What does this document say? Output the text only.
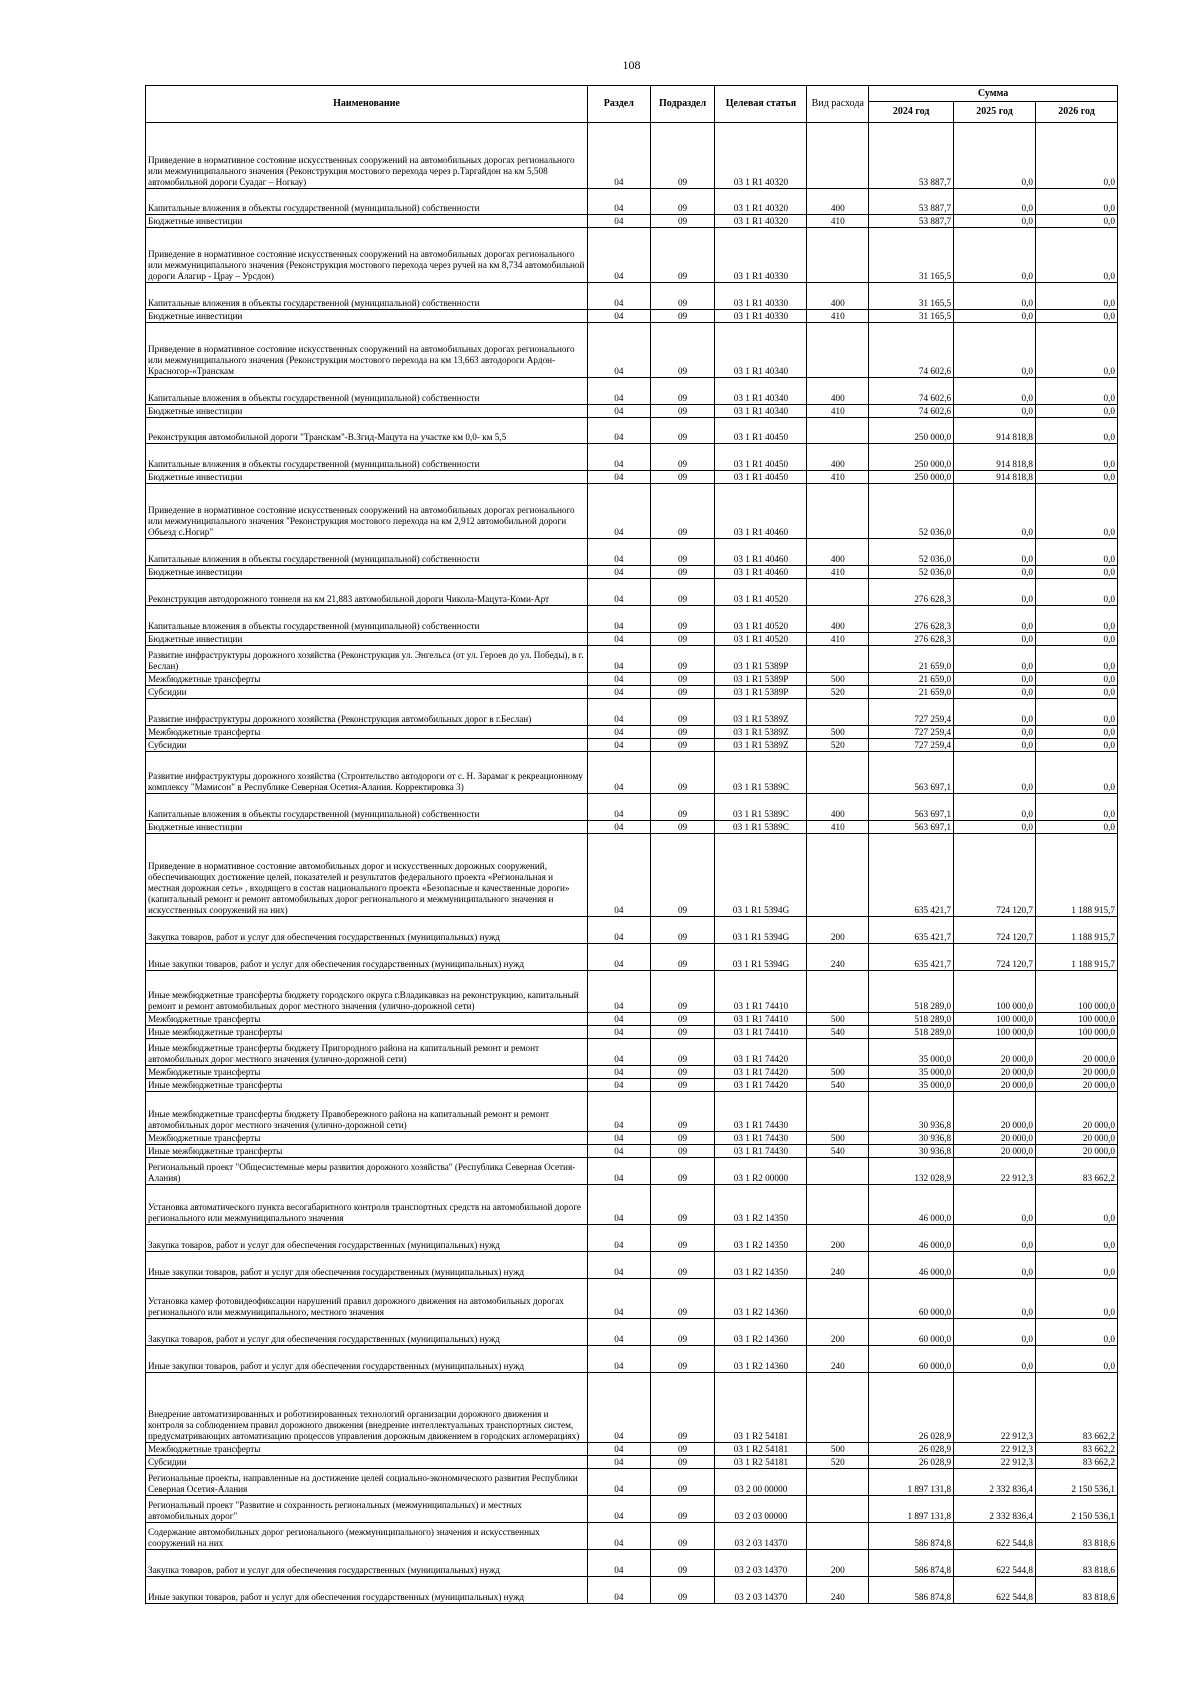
108
Наименование	Раздел	Подраздел	Целевая статья	Вид расхода	Сумма		
					2024 год	2025 год	2026 год
Приведение в нормативное состояние искусственных сооружений на автомобильных дорогах регионального или межмуниципального значения (Реконструкция мостового перехода через р.Таргайдон на км 5,508 автомобильной дороги Суадаг – Ногкау)	04	09	03 1 R1 40320		53 887,7	0,0	0,0
Капитальные вложения в объекты государственной (муниципальной) собственности	04	09	03 1 R1 40320	400	53 887,7	0,0	0,0
Бюджетные инвестиции	04	09	03 1 R1 40320	410	53 887,7	0,0	0,0
Приведение в нормативное состояние искусственных сооружений на автомобильных дорогах регионального или межмуниципального значения (Реконструкция мостового перехода через ручей на км 8,734 автомобильной дороги Алагир - Црау – Урсдон)	04	09	03 1 R1 40330		31 165,5	0,0	0,0
Капитальные вложения в объекты государственной (муниципальной) собственности	04	09	03 1 R1 40330	400	31 165,5	0,0	0,0
Бюджетные инвестиции	04	09	03 1 R1 40330	410	31 165,5	0,0	0,0
Приведение в нормативное состояние искусственных сооружений на автомобильных дорогах регионального или межмуниципального значения (Реконструкция мостового перехода на км 13,663 автодороги Ардон-Красногор-«Транскам	04	09	03 1 R1 40340		74 602,6	0,0	0,0
Капитальные вложения в объекты государственной (муниципальной) собственности	04	09	03 1 R1 40340	400	74 602,6	0,0	0,0
Бюджетные инвестиции	04	09	03 1 R1 40340	410	74 602,6	0,0	0,0
Реконструкция автомобильной дороги "Транскам"-В.Згид-Мацута на участке км 0,0- км 5,5	04	09	03 1 R1 40450		250 000,0	914 818,8	0,0
Капитальные вложения в объекты государственной (муниципальной) собственности	04	09	03 1 R1 40450	400	250 000,0	914 818,8	0,0
Бюджетные инвестиции	04	09	03 1 R1 40450	410	250 000,0	914 818,8	0,0
Приведение в нормативное состояние искусственных сооружений на автомобильных дорогах регионального или межмуниципального значения "Реконструкция мостового перехода на км 2,912 автомобильной дороги Объезд с.Ногир"	04	09	03 1 R1 40460		52 036,0	0,0	0,0
Капитальные вложения в объекты государственной (муниципальной) собственности	04	09	03 1 R1 40460	400	52 036,0	0,0	0,0
Бюджетные инвестиции	04	09	03 1 R1 40460	410	52 036,0	0,0	0,0
Реконструкция автодорожного тоннеля на км 21,883 автомобильной дороги Чикола-Мацута-Коми-Арт	04	09	03 1 R1 40520		276 628,3	0,0	0,0
Капитальные вложения в объекты государственной (муниципальной) собственности	04	09	03 1 R1 40520	400	276 628,3	0,0	0,0
Бюджетные инвестиции	04	09	03 1 R1 40520	410	276 628,3	0,0	0,0
Развитие инфраструктуры дорожного хозяйства (Реконструкция ул. Энгельса (от ул. Героев до ул. Победы), в г. Беслан)	04	09	03 1 R1 5389P		21 659,0	0,0	0,0
Межбюджетные трансферты	04	09	03 1 R1 5389P	500	21 659,0	0,0	0,0
Субсидии	04	09	03 1 R1 5389P	520	21 659,0	0,0	0,0
Развитие инфраструктуры дорожного хозяйства (Реконструкция автомобильных дорог в г.Беслан)	04	09	03 1 R1 5389Z		727 259,4	0,0	0,0
Межбюджетные трансферты	04	09	03 1 R1 5389Z	500	727 259,4	0,0	0,0
Субсидии	04	09	03 1 R1 5389Z	520	727 259,4	0,0	0,0
Развитие инфраструктуры дорожного хозяйства (Строительство автодороги от с. Н. Зарамаг к рекреационному комплексу "Мамисон" в Республике Северная Осетия-Алания. Корректировка 3)	04	09	03 1 R1 5389C		563 697,1	0,0	0,0
Капитальные вложения в объекты государственной (муниципальной) собственности	04	09	03 1 R1 5389C	400	563 697,1	0,0	0,0
Бюджетные инвестиции	04	09	03 1 R1 5389C	410	563 697,1	0,0	0,0
Приведение в нормативное состояние автомобильных дорог и искусственных дорожных сооружений, обеспечивающих достижение целей, показателей и результатов федерального проекта «Региональная и местная дорожная сеть» , входящего в состав национального проекта «Безопасные и качественные дороги» (капитальный ремонт и ремонт автомобильных дорог регионального и межмуниципального значения и искусственных сооружений на них)	04	09	03 1 R1 5394G		635 421,7	724 120,7	1 188 915,7
Закупка товаров, работ и услуг для обеспечения государственных (муниципальных) нужд	04	09	03 1 R1 5394G	200	635 421,7	724 120,7	1 188 915,7
Иные закупки товаров, работ и услуг для обеспечения государственных (муниципальных) нужд	04	09	03 1 R1 5394G	240	635 421,7	724 120,7	1 188 915,7
Иные межбюджетные трансферты бюджету городского округа г.Владикавказ на реконструкцию, капитальный ремонт и ремонт автомобильных дорог местного значения (улично-дорожной сети)	04	09	03 1 R1 74410		518 289,0	100 000,0	100 000,0
Межбюджетные трансферты	04	09	03 1 R1 74410	500	518 289,0	100 000,0	100 000,0
Иные межбюджетные трансферты	04	09	03 1 R1 74410	540	518 289,0	100 000,0	100 000,0
Иные межбюджетные трансферты бюджету Пригородного района на капитальный ремонт и ремонт автомобильных дорог местного значения (улично-дорожной сети)	04	09	03 1 R1 74420		35 000,0	20 000,0	20 000,0
Межбюджетные трансферты	04	09	03 1 R1 74420	500	35 000,0	20 000,0	20 000,0
Иные межбюджетные трансферты	04	09	03 1 R1 74420	540	35 000,0	20 000,0	20 000,0
Иные межбюджетные трансферты бюджету Правобережного района на капитальный ремонт и ремонт автомобильных дорог местного значения (улично-дорожной сети)	04	09	03 1 R1 74430		30 936,8	20 000,0	20 000,0
Межбюджетные трансферты	04	09	03 1 R1 74430	500	30 936,8	20 000,0	20 000,0
Иные межбюджетные трансферты	04	09	03 1 R1 74430	540	30 936,8	20 000,0	20 000,0
Региональный проект "Общесистемные меры развития дорожного хозяйства" (Республика Северная Осетия-Алания)	04	09	03 1 R2 00000		132 028,9	22 912,3	83 662,2
Установка автоматического пункта весогабаритного контроля транспортных средств на автомобильной дороге регионального или межмуниципального значения	04	09	03 1 R2 14350		46 000,0	0,0	0,0
Закупка товаров, работ и услуг для обеспечения государственных (муниципальных) нужд	04	09	03 1 R2 14350	200	46 000,0	0,0	0,0
Иные закупки товаров, работ и услуг для обеспечения государственных (муниципальных) нужд	04	09	03 1 R2 14350	240	46 000,0	0,0	0,0
Установка камер фотовидеофиксации нарушений правил дорожного движения на автомобильных дорогах регионального или межмуниципального, местного значения	04	09	03 1 R2 14360		60 000,0	0,0	0,0
Закупка товаров, работ и услуг для обеспечения государственных (муниципальных) нужд	04	09	03 1 R2 14360	200	60 000,0	0,0	0,0
Иные закупки товаров, работ и услуг для обеспечения государственных (муниципальных) нужд	04	09	03 1 R2 14360	240	60 000,0	0,0	0,0
Внедрение автоматизированных и роботизированных технологий организации дорожного движения и контроля за соблюдением правил дорожного движения (внедрение интеллектуальных транспортных систем, предусматривающих автоматизацию процессов управления дорожным движением в городских агломерациях)	04	09	03 1 R2 54181		26 028,9	22 912,3	83 662,2
Межбюджетные трансферты	04	09	03 1 R2 54181	500	26 028,9	22 912,3	83 662,2
Субсидии	04	09	03 1 R2 54181	520	26 028,9	22 912,3	83 662,2
Региональные проекты, направленные на достижение целей социально-экономического развития Республики Северная Осетия-Алания	04	09	03 2 00 00000		1 897 131,8	2 332 836,4	2 150 536,1
Региональный проект "Развитие и сохранность региональных (межмуниципальных) и местных автомобильных дорог"	04	09	03 2 03 00000		1 897 131,8	2 332 836,4	2 150 536,1
Содержание автомобильных дорог регионального (межмуниципального) значения и искусственных сооружений на них	04	09	03 2 03 14370		586 874,8	622 544,8	83 818,6
Закупка товаров, работ и услуг для обеспечения государственных (муниципальных) нужд	04	09	03 2 03 14370	200	586 874,8	622 544,8	83 818,6
Иные закупки товаров, работ и услуг для обеспечения государственных (муниципальных) нужд	04	09	03 2 03 14370	240	586 874,8	622 544,8	83 818,6
